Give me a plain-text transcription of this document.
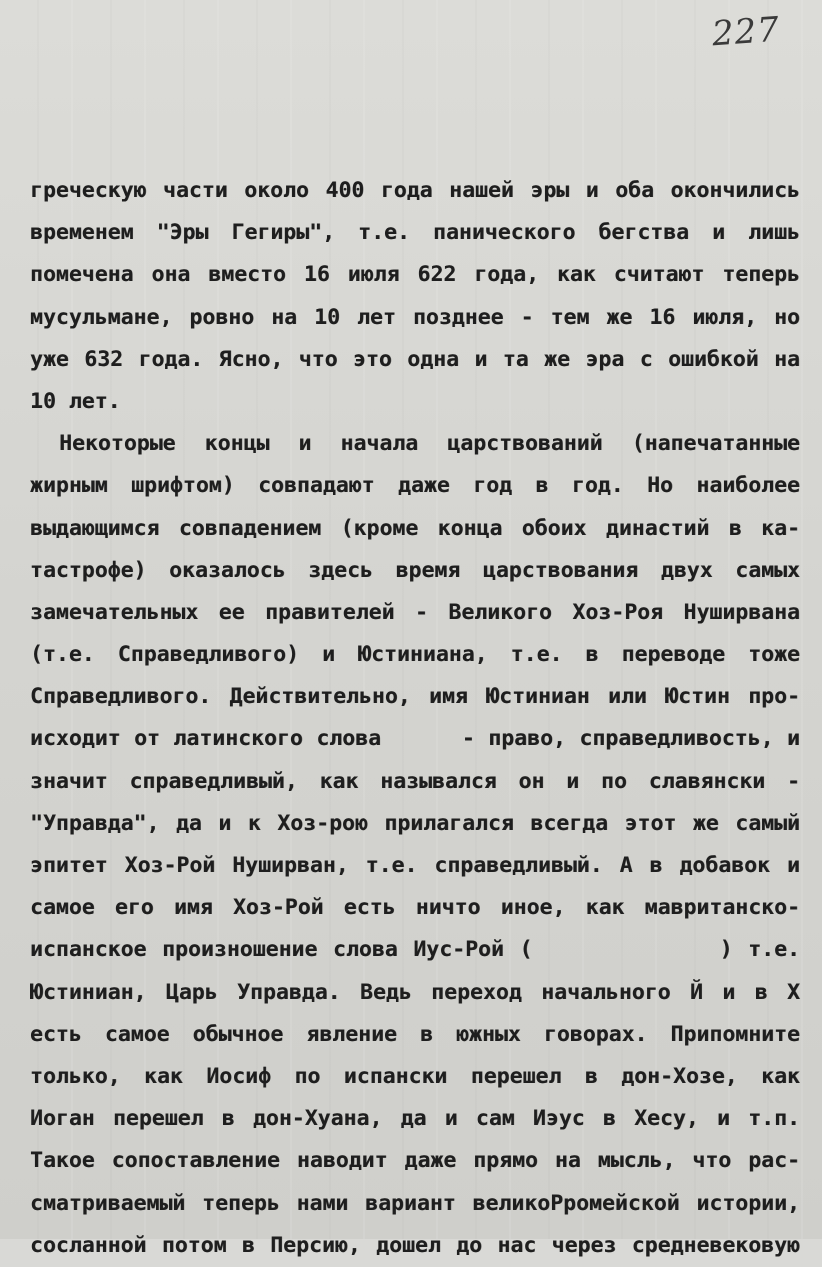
227
греческую части около 400 года нашей эры и оба окончились
временем "Эры Гегиры", т.е. панического бегства и лишь
помечена она вместо 16 июля 622 года, как считают теперь
мусульмане, ровно на 10 лет позднее - тем же 16 июля, но
уже 632 года. Ясно, что это одна и та же эра с ошибкой на
10 лет.
Некоторые концы и начала царствований (напечатанные
жирным шрифтом) совпадают даже год в год. Но наиболее
выдающимся совпадением (кроме конца обоих династий в ка-
тастрофе) оказалось здесь время царствования двух самых
замечательных ее правителей - Великого Хоз-Роя Нуширвана
(т.е. Справедливого) и Юстиниана, т.е. в переводе тоже
Справедливого. Действительно, имя Юстиниан или Юстин про-
исходит от латинского слова      - право, справедливость, и
значит справедливый, как назывался он и по славянски -
"Управда", да и к Хоз-рою прилагался всегда этот же самый
эпитет Хоз-Рой Нуширван, т.е. справедливый. А в добавок и
самое его имя Хоз-Рой есть ничто иное, как мавританско-
испанское произношение слова Иус-Рой (            ) т.е.
Юстиниан, Царь Управда. Ведь переход начального Й и в Х
есть самое обычное явление в южных говорах. Припомните
только, как Иосиф по испански перешел в дон-Хозе, как
Иоган перешел в дон-Хуана, да и сам Иэус в Хесу, и т.п.
Такое сопоставление наводит даже прямо на мысль, что рас-
сматриваемый теперь нами вариант великоРромейской истории,
сосланной потом в Персию, дошел до нас через средневековую
